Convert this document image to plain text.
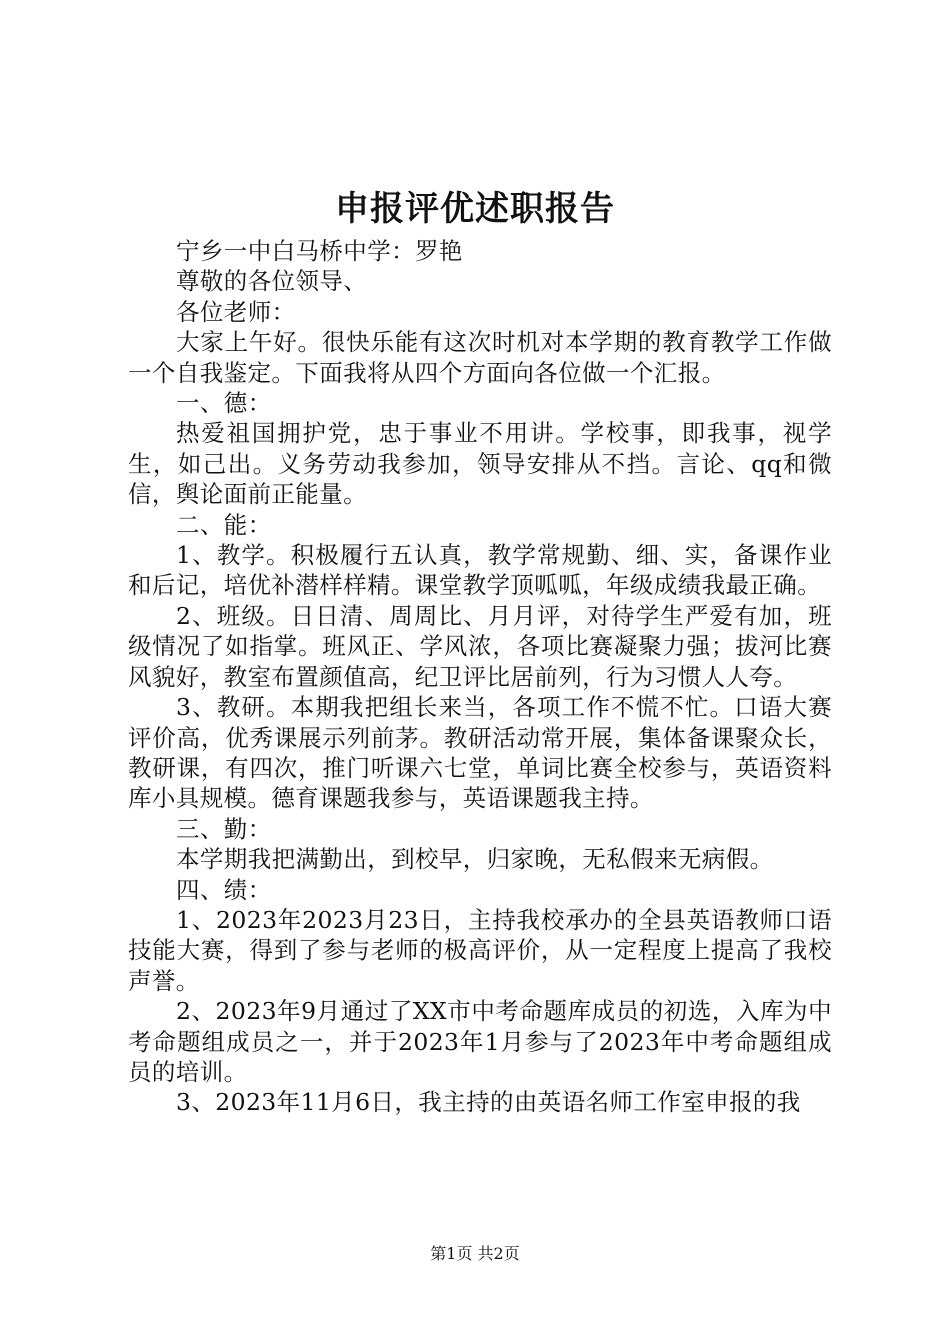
申报评优述职报告

宁乡一中白马桥中学：罗艳

尊敬的各位领导、

各位老师：

大家上午好。很快乐能有这次时机对本学期的教育教学工作做一个自我鉴定。下面我将从四个方面向各位做一个汇报。

一、德：

热爱祖国拥护党，忠于事业不用讲。学校事，即我事，视学生，如己出。义务劳动我参加，领导安排从不挡。言论、qq和微信，舆论面前正能量。

二、能：

1、教学。积极履行五认真，教学常规勤、细、实，备课作业和后记，培优补潜样样精。课堂教学顶呱呱，年级成绩我最正确。

2、班级。日日清、周周比、月月评，对待学生严爱有加，班级情况了如指掌。班风正、学风浓，各项比赛凝聚力强；拔河比赛风貌好，教室布置颜值高，纪卫评比居前列，行为习惯人人夸。

3、教研。本期我把组长来当，各项工作不慌不忙。口语大赛评价高，优秀课展示列前茅。教研活动常开展，集体备课聚众长，教研课，有四次，推门听课六七堂，单词比赛全校参与，英语资料库小具规模。德育课题我参与，英语课题我主持。

三、勤：

本学期我把满勤出，到校早，归家晚，无私假来无病假。

四、绩：

1、2023年2023月23日，主持我校承办的全县英语教师口语技能大赛，得到了参与老师的极高评价，从一定程度上提高了我校声誉。

2、2023年9月通过了XX市中考命题库成员的初选，入库为中考命题组成员之一，并于2023年1月参与了2023年中考命题组成员的培训。

3、2023年11月6日，我主持的由英语名师工作室申报的我

第1页 共2页
